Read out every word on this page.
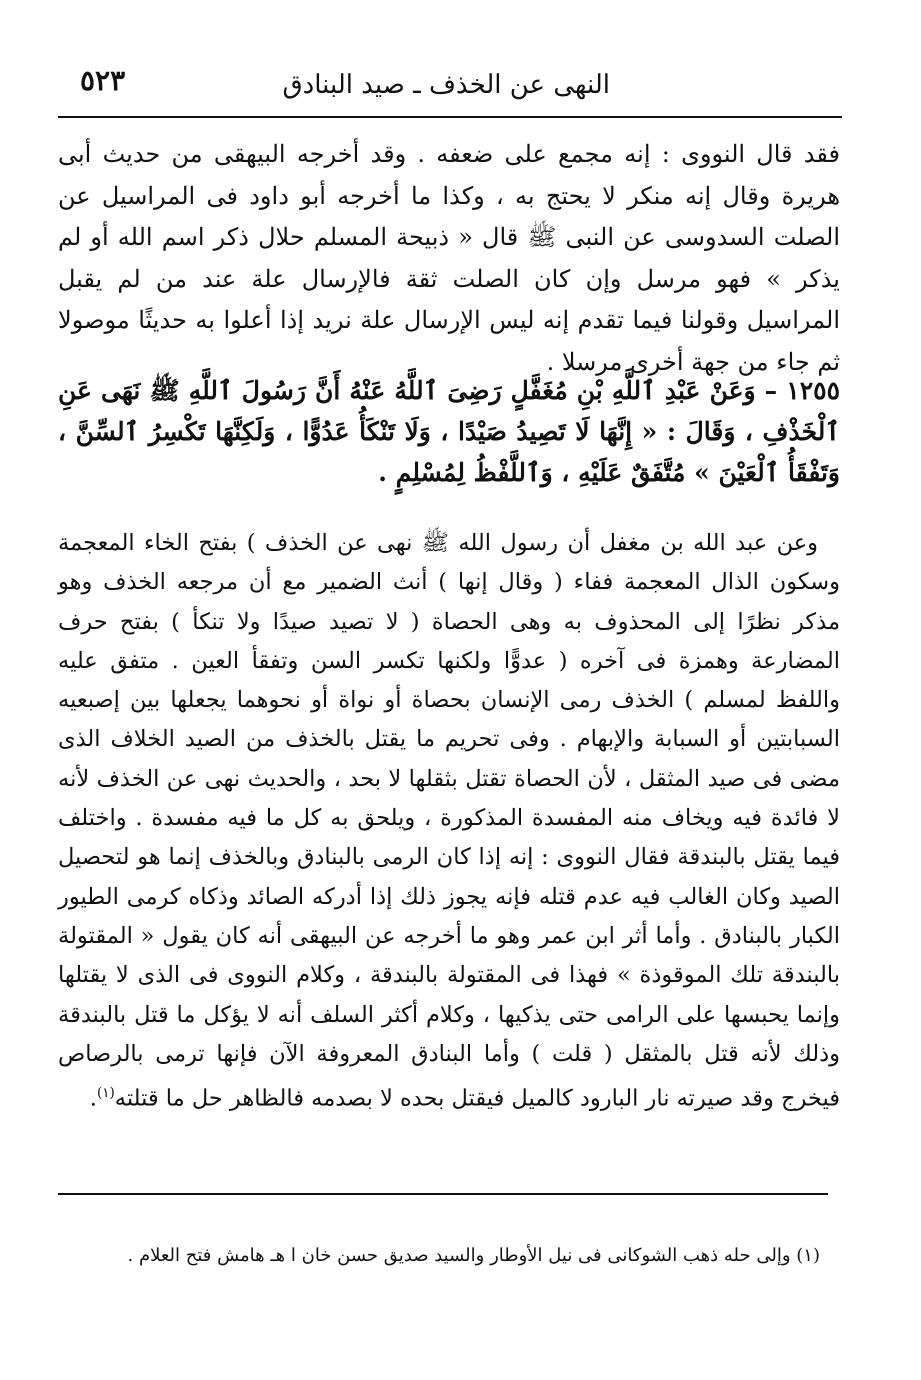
النهى عن الخذف ـ صيد البنادق
٥٢٣

فقد قال النووى : إنه مجمع على ضعفه . وقد أخرجه البيهقى من حديث أبى هريرة وقال إنه منكر لا يحتج به ، وكذا ما أخرجه أبو داود فى المراسيل عن الصلت السدوسى عن النبى ﷺ قال « ذبيحة المسلم حلال ذكر اسم الله أو لم يذكر » فهو مرسل وإن كان الصلت ثقة فالإرسال علة عند من لم يقبل المراسيل وقولنا فيما تقدم إنه ليس الإرسال علة نريد إذا أعلوا به حديثًا موصولا ثم جاء من جهة أخرى مرسلا .

١٢٥٥ – وَعَنْ عَبْدِ ٱللَّهِ بْنِ مُغَفَّلٍ رَضِىَ ٱللَّهُ عَنْهُ أَنَّ رَسُولَ ٱللَّهِ ﷺ نَهَى عَنِ ٱلْخَذْفِ ، وَقَالَ : « إِنَّهَا لَا تَصِيدُ صَيْدًا ، وَلَا تَنْكَأُ عَدُوًّا ، وَلَكِنَّهَا تَكْسِرُ ٱلسِّنَّ ، وَتَفْقَأُ ٱلْعَيْنَ » مُتَّفَقٌ عَلَيْهِ ، وَٱللَّفْظُ لِمُسْلِمٍ .

وعن عبد الله بن مغفل أن رسول الله ﷺ نهى عن الخذف ) بفتح الخاء المعجمة وسكون الذال المعجمة ففاء ( وقال إنها ) أنث الضمير مع أن مرجعه الخذف وهو مذكر نظرًا إلى المحذوف به وهى الحصاة ( لا تصيد صيدًا ولا تنكأ ) بفتح حرف المضارعة وهمزة فى آخره ( عدوًّا ولكنها تكسر السن وتفقأ العين . متفق عليه واللفظ لمسلم ) الخذف رمى الإنسان بحصاة أو نواة أو نحوهما يجعلها بين إصبعيه السبابتين أو السبابة والإبهام . وفى تحريم ما يقتل بالخذف من الصيد الخلاف الذى مضى فى صيد المثقل ، لأن الحصاة تقتل بثقلها لا بحد ، والحديث نهى عن الخذف لأنه لا فائدة فيه ويخاف منه المفسدة المذكورة ، ويلحق به كل ما فيه مفسدة . واختلف فيما يقتل بالبندقة فقال النووى : إنه إذا كان الرمى بالبنادق وبالخذف إنما هو لتحصيل الصيد وكان الغالب فيه عدم قتله فإنه يجوز ذلك إذا أدركه الصائد وذكاه كرمى الطيور الكبار بالبنادق . وأما أثر ابن عمر وهو ما أخرجه عن البيهقى أنه كان يقول « المقتولة بالبندقة تلك الموقوذة » فهذا فى المقتولة بالبندقة ، وكلام النووى فى الذى لا يقتلها وإنما يحبسها على الرامى حتى يذكيها ، وكلام أكثر السلف أنه لا يؤكل ما قتل بالبندقة وذلك لأنه قتل بالمثقل ( قلت ) وأما البنادق المعروفة الآن فإنها ترمى بالرصاص فيخرج وقد صيرته نار البارود كالميل فيقتل بحده لا بصدمه فالظاهر حل ما قتلته$^{(١)}$.

(١) وإلى حله ذهب الشوكانى فى نيل الأوطار والسيد صديق حسن خان ا هـ هامش فتح العلام .
